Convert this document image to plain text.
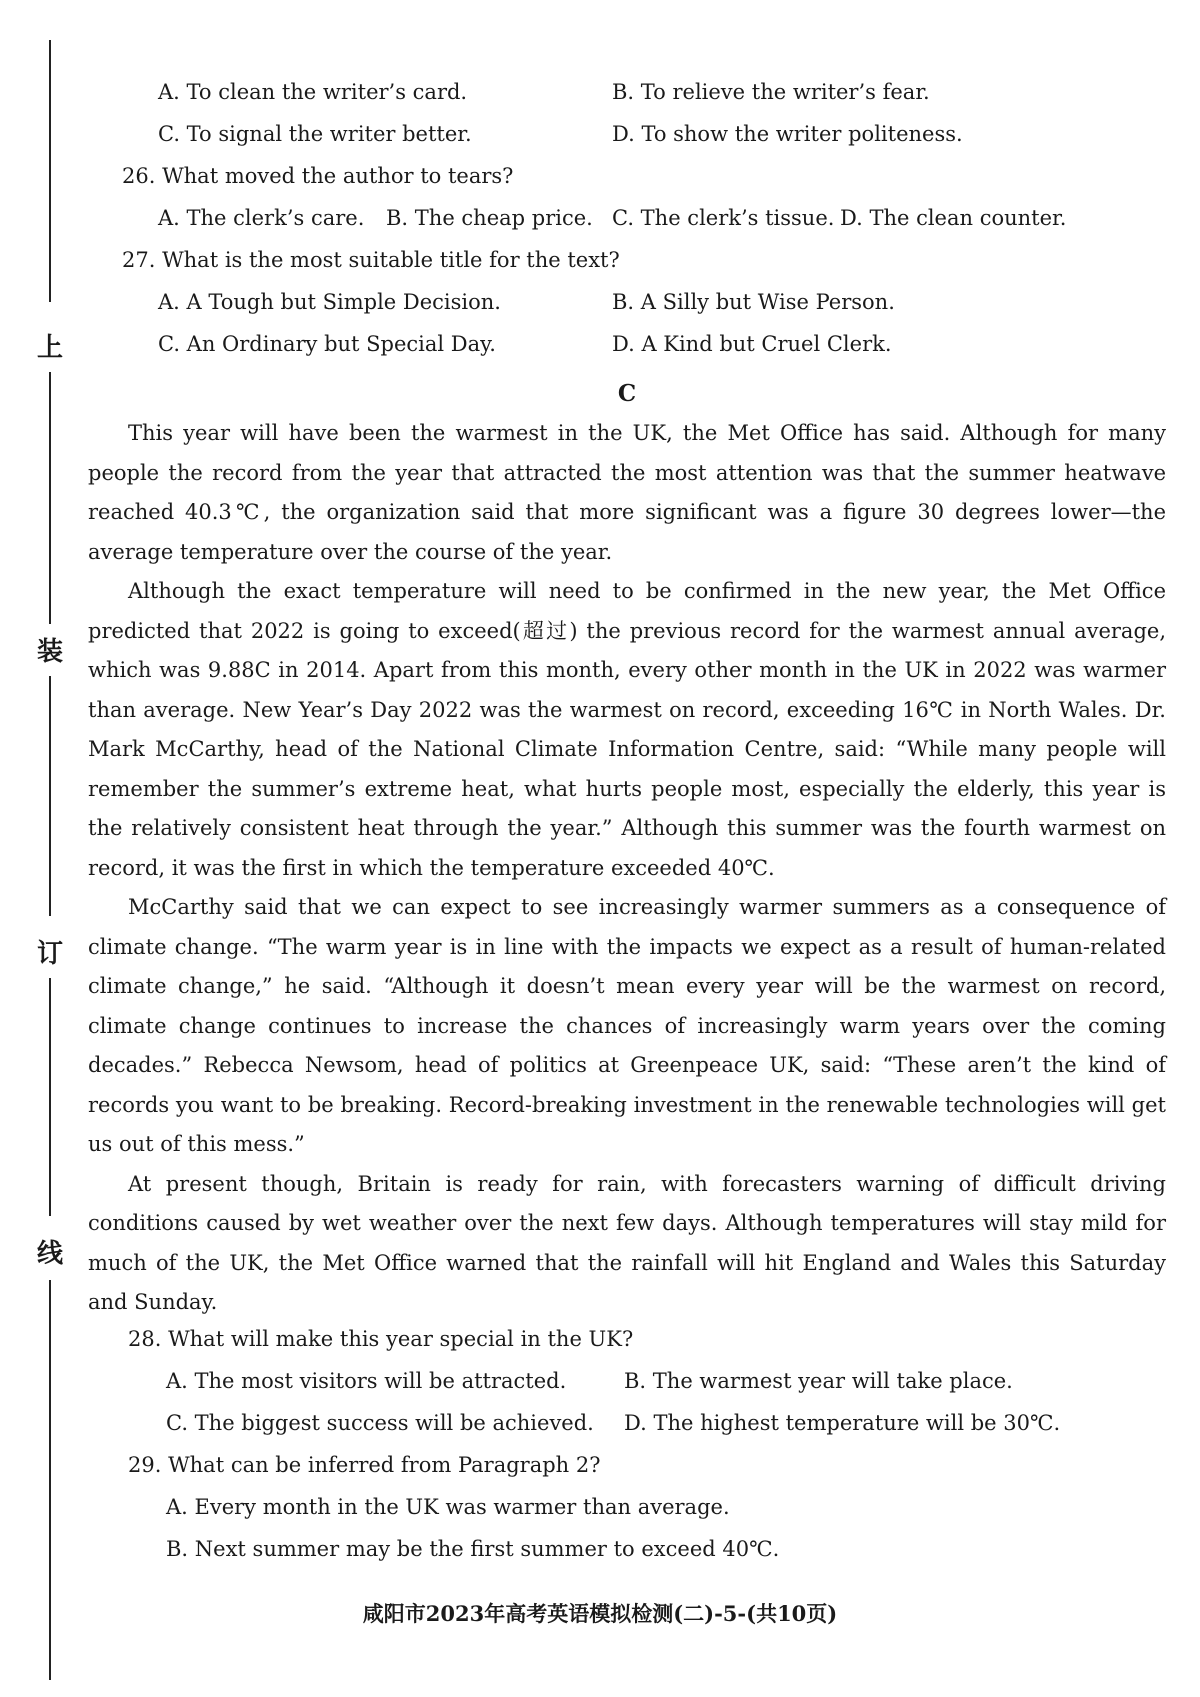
上
装
订
线
A. To clean the writer’s card.	B. To relieve the writer’s fear.
C. To signal the writer better.	D. To show the writer politeness.
26. What moved the author to tears?
A. The clerk’s care. B. The cheap price. C. The clerk’s tissue. D. The clean counter.
27. What is the most suitable title for the text?
A. A Tough but Simple Decision.	B. A Silly but Wise Person.
C. An Ordinary but Special Day.	D. A Kind but Cruel Clerk.
C

This year will have been the warmest in the UK, the Met Office has said. Although for many people the record from the year that attracted the most attention was that the summer heatwave reached 40.3℃, the organization said that more significant was a figure 30 degrees lower—the average temperature over the course of the year.

Although the exact temperature will need to be confirmed in the new year, the Met Office predicted that 2022 is going to exceed(超过) the previous record for the warmest annual average, which was 9.88C in 2014. Apart from this month, every other month in the UK in 2022 was warmer than average. New Year’s Day 2022 was the warmest on record, exceeding 16℃ in North Wales. Dr. Mark McCarthy, head of the National Climate Information Centre, said: “While many people will remember the summer’s extreme heat, what hurts people most, especially the elderly, this year is the relatively consistent heat through the year.” Although this summer was the fourth warmest on record, it was the first in which the temperature exceeded 40℃.

McCarthy said that we can expect to see increasingly warmer summers as a consequence of climate change. “The warm year is in line with the impacts we expect as a result of human-related climate change,” he said. “Although it doesn’t mean every year will be the warmest on record, climate change continues to increase the chances of increasingly warm years over the coming decades.” Rebecca Newsom, head of politics at Greenpeace UK, said: “These aren’t the kind of records you want to be breaking. Record-breaking investment in the renewable technologies will get us out of this mess.”

At present though, Britain is ready for rain, with forecasters warning of difficult driving conditions caused by wet weather over the next few days. Although temperatures will stay mild for much of the UK, the Met Office warned that the rainfall will hit England and Wales this Saturday and Sunday.

28. What will make this year special in the UK?
A. The most visitors will be attracted.	B. The warmest year will take place.
C. The biggest success will be achieved. D. The highest temperature will be 30℃.
29. What can be inferred from Paragraph 2?
A. Every month in the UK was warmer than average.
B. Next summer may be the first summer to exceed 40℃.
咸阳市2023年高考英语模拟检测(二)-5-(共10页)
